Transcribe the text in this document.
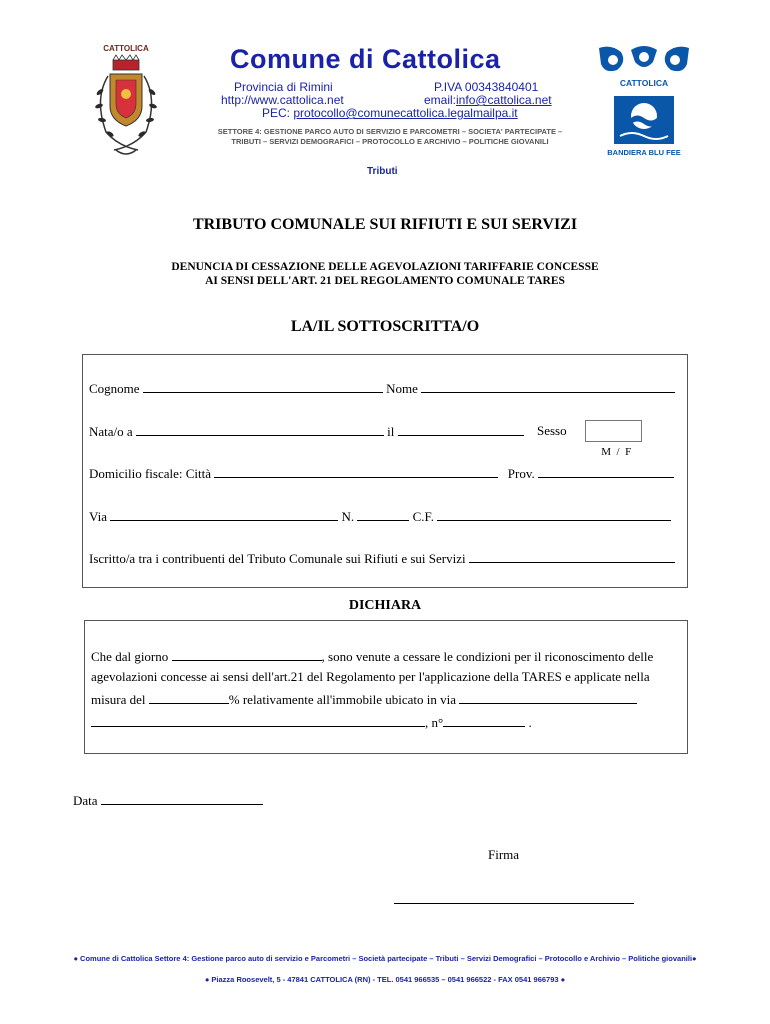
CATTOLICA	Comune di Cattolica
Provincia di Rimini	P.IVA 00343840401
http://www.cattolica.net	email:info@cattolica.net
PEC: protocollo@comunecattolica.legalmailpa.it
SETTORE 4: GESTIONE PARCO AUTO DI SERVIZIO E PARCOMETRI – SOCIETA' PARTECIPATE – TRIBUTI – SERVIZI DEMOGRAFICI – PROTOCOLLO E ARCHIVIO – POLITICHE GIOVANILI
Tributi
CATTOLICA
BANDIERA BLU FEE
TRIBUTO COMUNALE SUI RIFIUTI E SUI SERVIZI
DENUNCIA DI CESSAZIONE DELLE AGEVOLAZIONI TARIFFARIE CONCESSE
AI SENSI DELL'ART. 21 DEL REGOLAMENTO COMUNALE TARES
LA/IL SOTTOSCRITTA/O
Cognome	Nome
Nata/o a	il	Sesso

M  /  F

Domicilio fiscale: Città	Prov.
Via	N.	C.F.
Iscritto/a tra i contribuenti del Tributo Comunale sui Rifiuti e sui Servizi
DICHIARA
Che dal giorno	, sono venute a cessare le condizioni per il riconoscimento delle
agevolazioni concesse ai sensi dell'art.21 del Regolamento per l'applicazione della TARES e applicate nella
misura del	% relativamente all'immobile ubicato in via
, n°	.
Data
Firma
● Comune di Cattolica Settore 4: Gestione parco auto di servizio e Parcometri – Società partecipate – Tributi – Servizi Demografici – Protocollo e Archivio – Politiche giovanili●
● Piazza Roosevelt, 5 - 47841 CATTOLICA (RN) - TEL. 0541 966535 – 0541 966522 - FAX 0541 966793 ●
